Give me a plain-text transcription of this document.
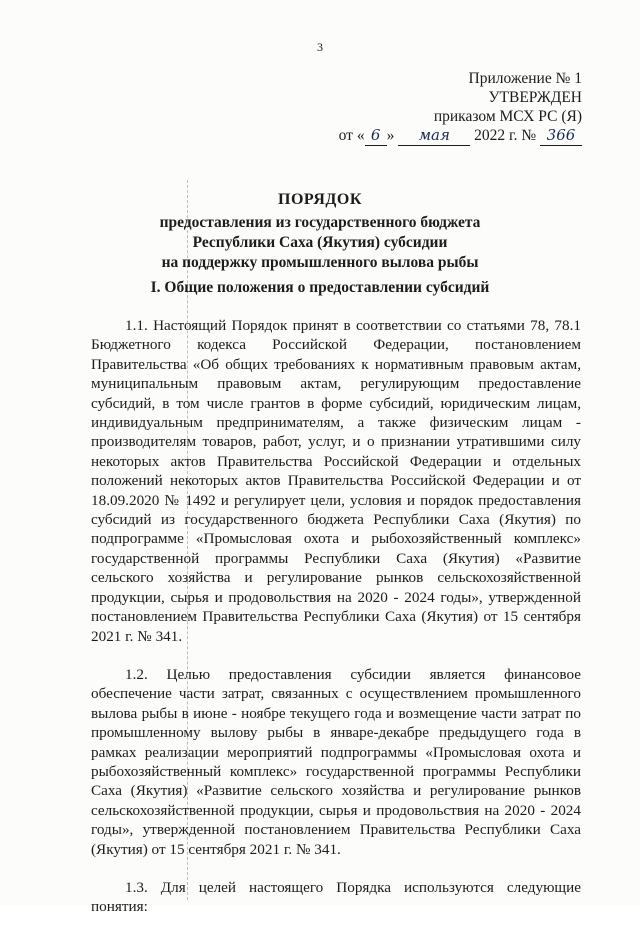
3
Приложение № 1
УТВЕРЖДЕН
приказом МСХ РС (Я)
от « 6 » мая 2022 г. № 366
ПОРЯДОК
предоставления из государственного бюджета
Республики Саха (Якутия) субсидии
на поддержку промышленного вылова рыбы
I. Общие положения о предоставлении субсидий

1.1. Настоящий Порядок принят в соответствии со статьями 78, 78.1 Бюджетного кодекса Российской Федерации, постановлением Правительства «Об общих требованиях к нормативным правовым актам, муниципальным правовым актам, регулирующим предоставление субсидий, в том числе грантов в форме субсидий, юридическим лицам, индивидуальным предпринимателям, а также физическим лицам - производителям товаров, работ, услуг, и о признании утратившими силу некоторых актов Правительства Российской Федерации и отдельных положений некоторых актов Правительства Российской Федерации и от 18.09.2020 № 1492 и регулирует цели, условия и порядок предоставления субсидий из государственного бюджета Республики Саха (Якутия) по подпрограмме «Промысловая охота и рыбохозяйственный комплекс» государственной программы Республики Саха (Якутия) «Развитие сельского хозяйства и регулирование рынков сельскохозяйственной продукции, сырья и продовольствия на 2020 - 2024 годы», утвержденной постановлением Правительства Республики Саха (Якутия) от 15 сентября 2021 г. № 341.

1.2. Целью предоставления субсидии является финансовое обеспечение части затрат, связанных с осуществлением промышленного вылова рыбы в июне - ноябре текущего года и возмещение части затрат по промышленному вылову рыбы в январе-декабре предыдущего года в рамках реализации мероприятий подпрограммы «Промысловая охота и рыбохозяйственный комплекс» государственной программы Республики Саха (Якутия) «Развитие сельского хозяйства и регулирование рынков сельскохозяйственной продукции, сырья и продовольствия на 2020 - 2024 годы», утвержденной постановлением Правительства Республики Саха (Якутия) от 15 сентября 2021 г. № 341.

1.3. Для целей настоящего Порядка используются следующие понятия:
